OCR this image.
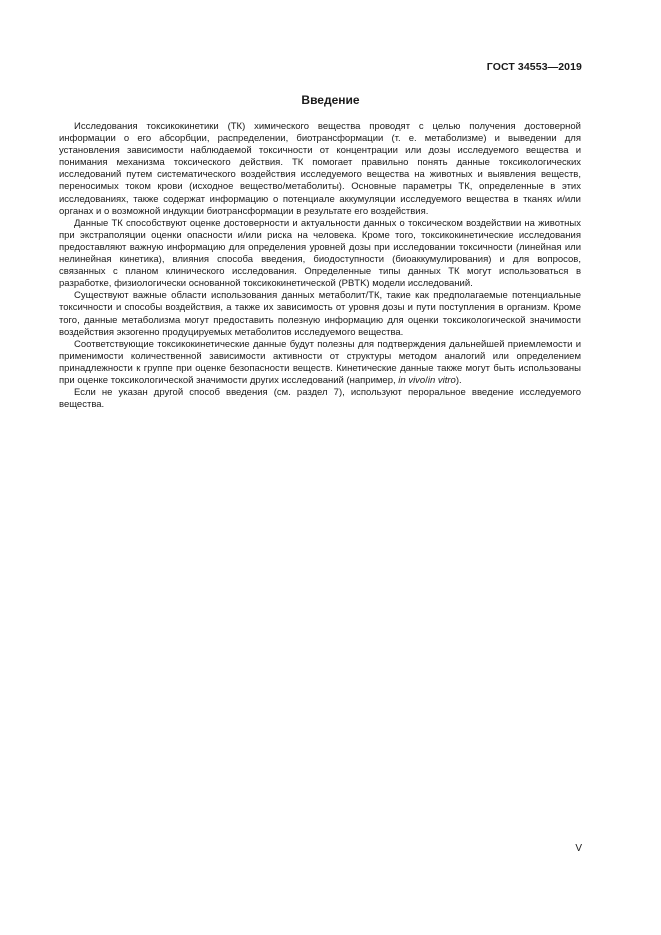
ГОСТ 34553—2019
Введение

Исследования токсикокинетики (ТК) химического вещества проводят с целью получения достоверной информации о его абсорбции, распределении, биотрансформации (т. е. метаболизме) и выведении для установления зависимости наблюдаемой токсичности от концентрации или дозы исследуемого вещества и понимания механизма токсического действия. ТК помогает правильно понять данные токсикологических исследований путем систематического воздействия исследуемого вещества на животных и выявления веществ, переносимых током крови (исходное вещество/метаболиты). Основные параметры ТК, определенные в этих исследованиях, также содержат информацию о потенциале аккумуляции исследуемого вещества в тканях и/или органах и о возможной индукции биотрансформации в результате его воздействия.

Данные ТК способствуют оценке достоверности и актуальности данных о токсическом воздействии на животных при экстраполяции оценки опасности и/или риска на человека. Кроме того, токсикокинетические исследования предоставляют важную информацию для определения уровней дозы при исследовании токсичности (линейная или нелинейная кинетика), влияния способа введения, биодоступности (биоаккумулирования) и для вопросов, связанных с планом клинического исследования. Определенные типы данных ТК могут использоваться в разработке, физиологически основанной токсикокинетической (PBTK) модели исследований.

Существуют важные области использования данных метаболит/ТК, такие как предполагаемые потенциальные токсичности и способы воздействия, а также их зависимость от уровня дозы и пути поступления в организм. Кроме того, данные метаболизма могут предоставить полезную информацию для оценки токсикологической значимости воздействия экзогенно продуцируемых метаболитов исследуемого вещества.

Соответствующие токсикокинетические данные будут полезны для подтверждения дальнейшей приемлемости и применимости количественной зависимости активности от структуры методом аналогий или определением принадлежности к группе при оценке безопасности веществ. Кинетические данные также могут быть использованы при оценке токсикологической значимости других исследований (например, in vivo/in vitro).

Если не указан другой способ введения (см. раздел 7), используют пероральное введение исследуемого вещества.

V
